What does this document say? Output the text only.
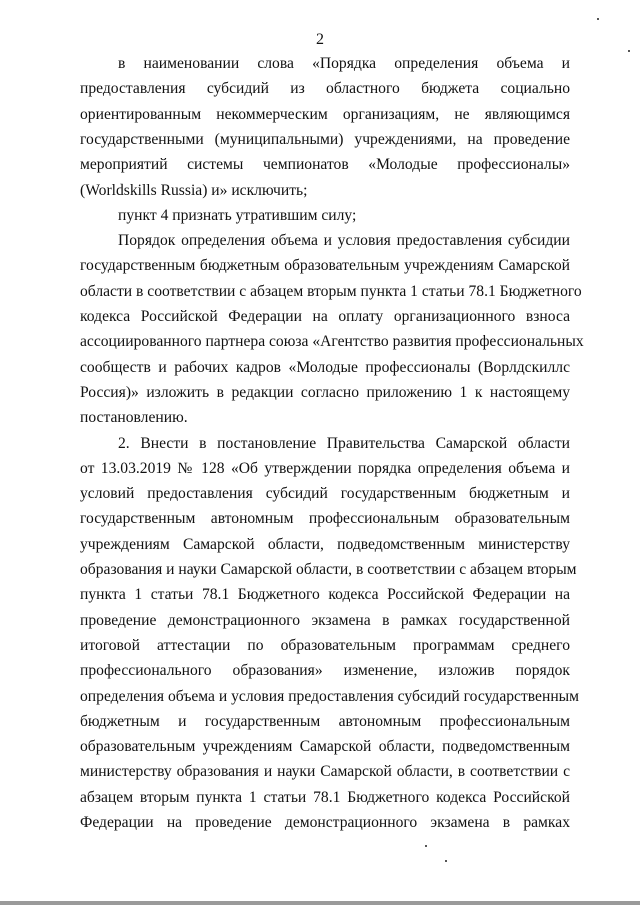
2
в наименовании слова «Порядка определения объема и
предоставления субсидий из областного бюджета социально
ориентированным некоммерческим организациям, не являющимся
государственными (муниципальными) учреждениями, на проведение
мероприятий системы чемпионатов «Молодые профессионалы»
(Worldskills Russia) и» исключить;
пункт 4 признать утратившим силу;
Порядок определения объема и условия предоставления субсидии
государственным бюджетным образовательным учреждениям Самарской
области в соответствии с абзацем вторым пункта 1 статьи 78.1 Бюджетного
кодекса Российской Федерации на оплату организационного взноса
ассоциированного партнера союза «Агентство развития профессиональных
сообществ и рабочих кадров «Молодые профессионалы (Ворлдскиллс
Россия)» изложить в редакции согласно приложению 1 к настоящему
постановлению.
2. Внести в постановление Правительства Самарской области
от 13.03.2019 № 128 «Об утверждении порядка определения объема и
условий предоставления субсидий государственным бюджетным и
государственным автономным профессиональным образовательным
учреждениям Самарской области, подведомственным министерству
образования и науки Самарской области, в соответствии с абзацем вторым
пункта 1 статьи 78.1 Бюджетного кодекса Российской Федерации на
проведение демонстрационного экзамена в рамках государственной
итоговой аттестации по образовательным программам среднего
профессионального образования» изменение, изложив порядок
определения объема и условия предоставления субсидий государственным
бюджетным и государственным автономным профессиональным
образовательным учреждениям Самарской области, подведомственным
министерству образования и науки Самарской области, в соответствии с
абзацем вторым пункта 1 статьи 78.1 Бюджетного кодекса Российской
Федерации на проведение демонстрационного экзамена в рамках
